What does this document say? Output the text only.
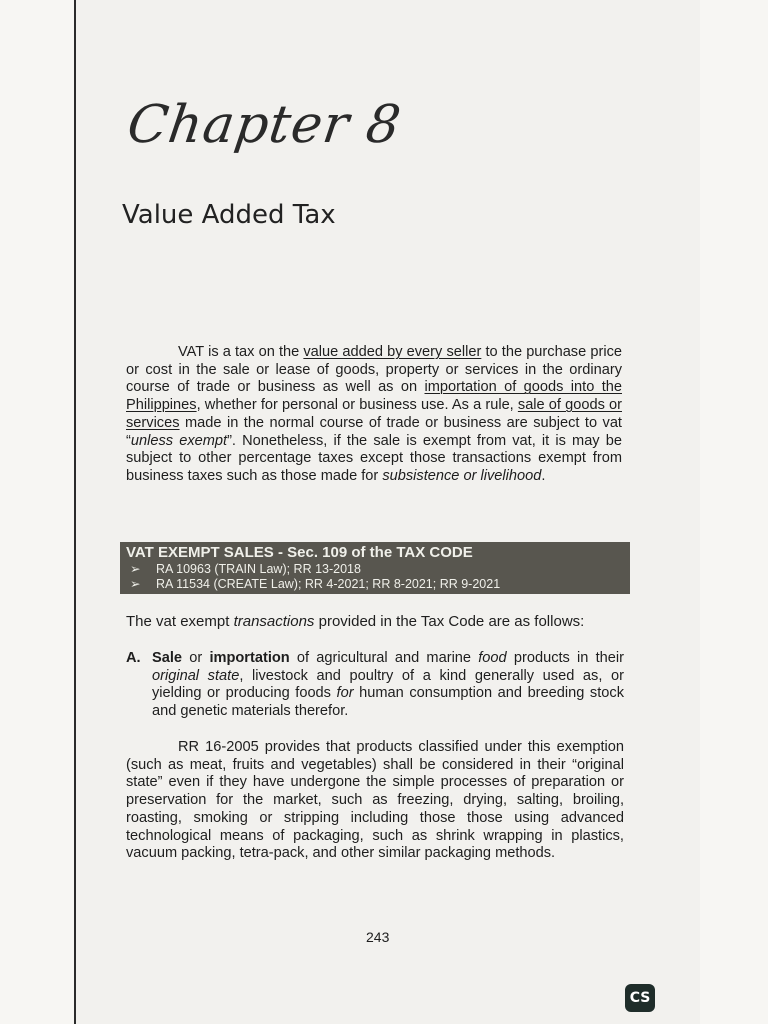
Chapter 8
Value Added Tax
VAT is a tax on the value added by every seller to the purchase price or cost in the sale or lease of goods, property or services in the ordinary course of trade or business as well as on importation of goods into the Philippines, whether for personal or business use. As a rule, sale of goods or services made in the normal course of trade or business are subject to vat “unless exempt”. Nonetheless, if the sale is exempt from vat, it is may be subject to other percentage taxes except those transactions exempt from business taxes such as those made for subsistence or livelihood.
VAT EXEMPT SALES - Sec. 109 of the TAX CODE
➢ RA 10963 (TRAIN Law); RR 13-2018
➢ RA 11534 (CREATE Law); RR 4-2021; RR 8-2021; RR 9-2021
The vat exempt transactions provided in the Tax Code are as follows:
A. Sale or importation of agricultural and marine food products in their original state, livestock and poultry of a kind generally used as, or yielding or producing foods for human consumption and breeding stock and genetic materials therefor.
RR 16-2005 provides that products classified under this exemption (such as meat, fruits and vegetables) shall be considered in their “original state” even if they have undergone the simple processes of preparation or preservation for the market, such as freezing, drying, salting, broiling, roasting, smoking or stripping including those those using advanced technological means of packaging, such as shrink wrapping in plastics, vacuum packing, tetra-pack, and other similar packaging methods.
243
CS
